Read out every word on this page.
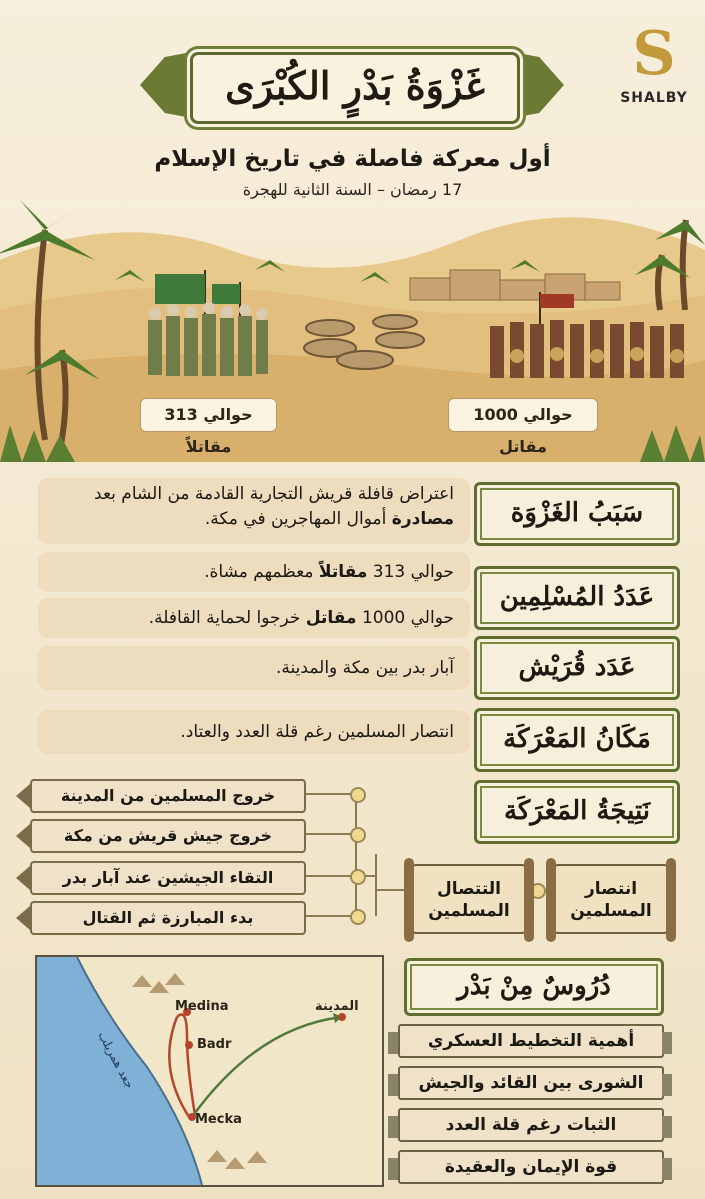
غَزْوَةُ بَدْرٍ الكُبْرَى	S
SHALBY
أول معركة فاصلة في تاريخ الإسلام
17 رمضان – السنة الثانية للهجرة
حوالي 313 مقاتلاً
حوالي 1000 مقاتل
اعتراض قافلة قريش التجارية القادمة من الشام بعد مصادرة أموال المهاجرين في مكة.	سَبَبُ الغَزْوَة
حوالي 313 مقاتلاً معظمهم مشاة.
عَدَدُ المُسْلِمِين
حوالي 1000 مقاتل خرجوا لحماية القافلة.
عَدَد قُرَيْش
آبار بدر بين مكة والمدينة.
مَكَانُ المَعْرَكَة
انتصار المسلمين رغم قلة العدد والعتاد.
نَتِيجَةُ المَعْرَكَة
خروج المسلمين من المدينة
خروج جيش قريش من مكة
التقاء الجيشين عند آبار بدر
بدء المبارزة ثم القتال
التتصال المسلمين
انتصار المسلمين
Medina
Badr
Mecka
المدينة
جعد همريلب
دُرُوسٌ مِنْ بَدْر
أهمية التخطيط العسكري
الشورى بين القائد والجيش
الثبات رغم قلة العدد
قوة الإيمان والعقيدة
